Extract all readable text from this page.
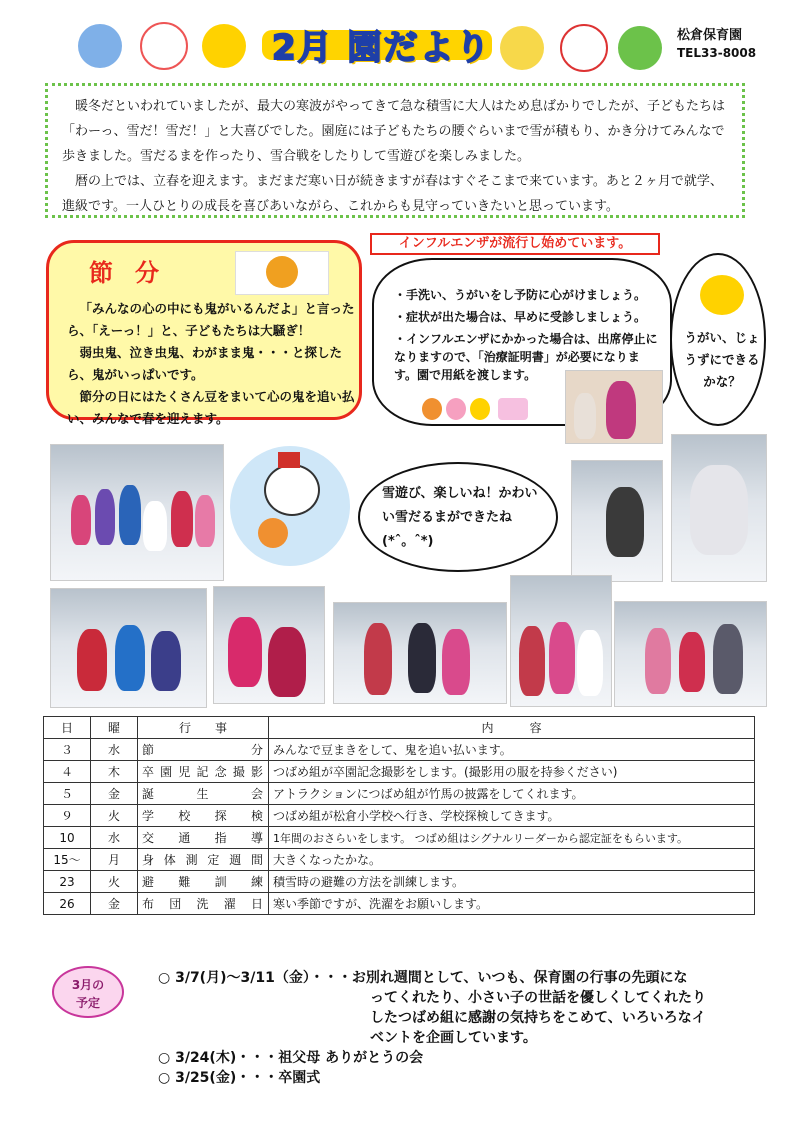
2月 園だより	松倉保育園
TEL33-8008

暖冬だといわれていましたが、最大の寒波がやってきて急な積雪に大人はため息ばかりでしたが、子どもたちは「わーっ、雪だ！雪だ！」と大喜びでした。園庭には子どもたちの腰ぐらいまで雪が積もり、かき分けてみんなで歩きました。雪だるまを作ったり、雪合戦をしたりして雪遊びを楽しみました。

暦の上では、立春を迎えます。まだまだ寒い日が続きますが春はすぐそこまで来ています。あと２ヶ月で就学、進級です。一人ひとりの成長を喜びあいながら、これからも見守っていきたいと思っています。

節分

「みんなの心の中にも鬼がいるんだよ」と言ったら、「えーっ！」と、子どもたちは大騒ぎ！

弱虫鬼、泣き虫鬼、わがまま鬼・・・と探したら、鬼がいっぱいです。

節分の日にはたくさん豆をまいて心の鬼を追い払い、みんなで春を迎えます。

・手洗い、うがいをし予防に心がけましょう。
・症状が出た場合は、早めに受診しましょう。
・インフルエンザにかかった場合は、出席停止になりますので、「治療証明書」が必要になります。園で用紙を渡します。
インフルエンザが流行し始めています。
うがい、じょうずにできるかな？
雪遊び、楽しいね！かわいい雪だるまができたね(*ˆ。ˆ*)
日	曜	行　　事	内　　　容
３	水	節分	みんなで豆まきをして、鬼を追い払います。
４	木	卒園児記念撮影	つばめ組が卒園記念撮影をします。(撮影用の服を持参ください)
５	金	誕生会	アトラクションにつばめ組が竹馬の披露をしてくれます。
９	火	学校探検	つばめ組が松倉小学校へ行き、学校探検してきます。
10	水	交通指導	1年間のおさらいをします。 つばめ組はシグナルリーダーから認定証をもらいます。
15～	月	身体測定週間	大きくなったかな。
23	火	避難訓練	積雪時の避難の方法を訓練します。
26	金	布団洗濯日	寒い季節ですが、洗濯をお願いします。
3月の
予定
○ 3/7(月)～3/11（金）・・・お別れ週間として、いつも、保育園の行事の先頭にな
ってくれたり、小さい子の世話を優しくしてくれたり
したつばめ組に感謝の気持ちをこめて、いろいろなイ
ベントを企画しています。
○ 3/24(木)・・・祖父母 ありがとうの会
○ 3/25(金)・・・卒園式
